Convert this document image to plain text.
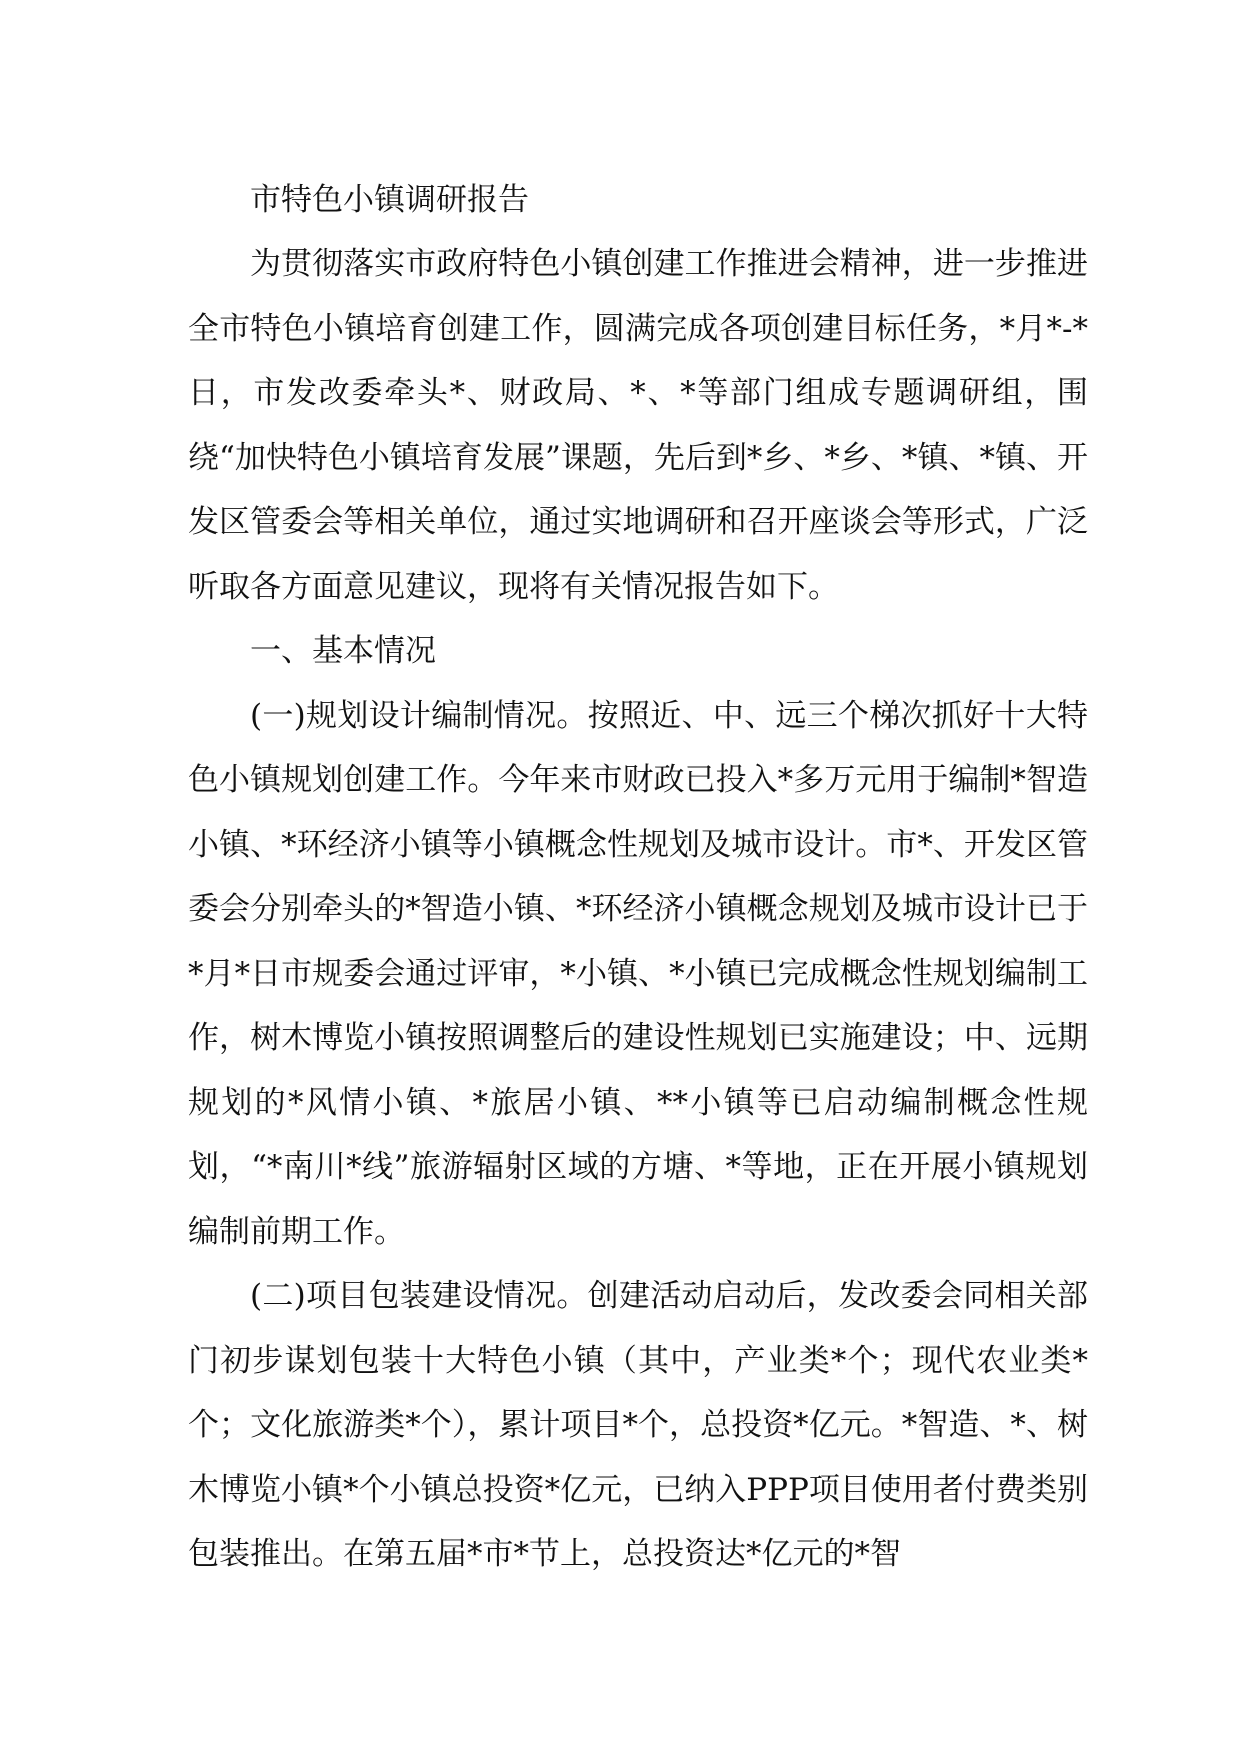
市特色小镇调研报告

为贯彻落实市政府特色小镇创建工作推进会精神，进一步推进全市特色小镇培育创建工作，圆满完成各项创建目标任务，*月*-*日，市发改委牵头*、财政局、*、*等部门组成专题调研组，围绕“加快特色小镇培育发展”课题，先后到*乡、*乡、*镇、*镇、开发区管委会等相关单位，通过实地调研和召开座谈会等形式，广泛听取各方面意见建议，现将有关情况报告如下。

一、基本情况

(一)规划设计编制情况。按照近、中、远三个梯次抓好十大特色小镇规划创建工作。今年来市财政已投入*多万元用于编制*智造小镇、*环经济小镇等小镇概念性规划及城市设计。市*、开发区管委会分别牵头的*智造小镇、*环经济小镇概念规划及城市设计已于*月*日市规委会通过评审，*小镇、*小镇已完成概念性规划编制工作，树木博览小镇按照调整后的建设性规划已实施建设；中、远期规划的*风情小镇、*旅居小镇、**小镇等已启动编制概念性规划，“*南川*线”旅游辐射区域的方塘、*等地，正在开展小镇规划编制前期工作。

(二)项目包装建设情况。创建活动启动后，发改委会同相关部门初步谋划包装十大特色小镇（其中，产业类*个；现代农业类*个；文化旅游类*个），累计项目*个，总投资*亿元。*智造、*、树木博览小镇*个小镇总投资*亿元，已纳入PPP项目使用者付费类别包装推出。在第五届*市*节上，总投资达*亿元的*智
